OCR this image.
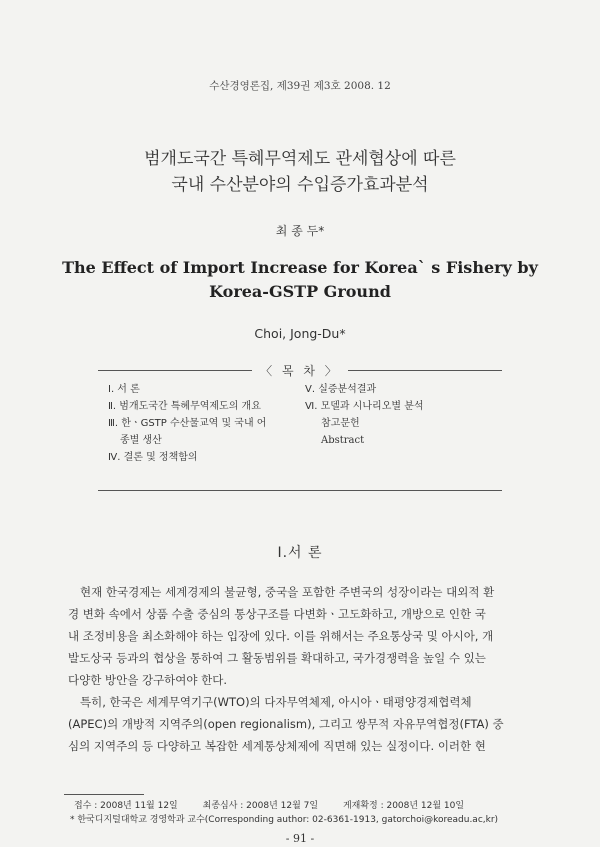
수산경영론집, 제39권 제3호 2008. 12
범개도국간 특혜무역제도 관세협상에 따른
국내 수산분야의 수입증가효과분석
최 종 두*
The Effect of Import Increase for Korea` s Fishery by
Korea-GSTP Ground
Choi, Jong-Du*
〈 목 차 〉
Ⅰ. 서 론
Ⅱ. 범개도국간 특혜무역제도의 개요
Ⅲ. 한ㆍGSTP 수산물교역 및 국내 어
종별 생산
Ⅳ. 결론 및 정책함의
Ⅴ. 실증분석결과
Ⅵ. 모델과 시나리오별 분석
참고문헌
Abstract
Ⅰ.서 론
현재 한국경제는 세계경제의 불균형, 중국을 포함한 주변국의 성장이라는 대외적 환
경 변화 속에서 상품 수출 중심의 통상구조를 다변화ㆍ고도화하고, 개방으로 인한 국
내 조정비용을 최소화해야 하는 입장에 있다. 이를 위해서는 주요통상국 및 아시아, 개
발도상국 등과의 협상을 통하여 그 활동범위를 확대하고, 국가경쟁력을 높일 수 있는
다양한 방안을 강구하여야 한다.
특히, 한국은 세계무역기구(WTO)의 다자무역체제, 아시아ㆍ태평양경제협력체
(APEC)의 개방적 지역주의(open regionalism), 그리고 쌍무적 자유무역협정(FTA) 중
심의 지역주의 등 다양하고 복잡한 세계통상체제에 직면해 있는 실정이다. 이러한 현
접수 : 2008년 11월 12일	최종심사 : 2008년 12월 7일	게재확정 : 2008년 12월 10일
* 한국디지털대학교 경영학과 교수(Corresponding author: 02-6361-1913, gatorchoi@koreadu.ac,kr)
- 91 -
